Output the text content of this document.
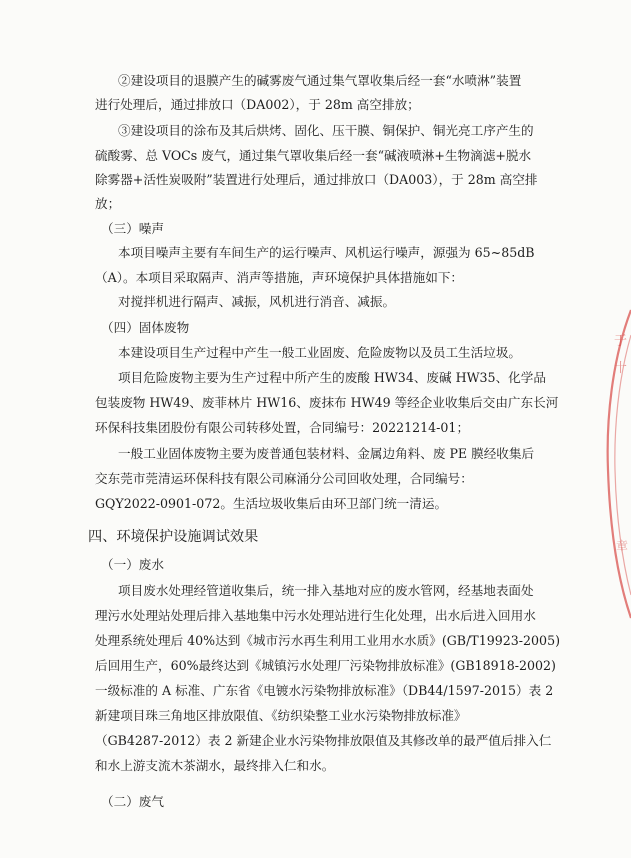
②建设项目的退膜产生的碱雾废气通过集气罩收集后经一套“水喷淋”装置
进行处理后，通过排放口（DA002），于 28m 高空排放；
③建设项目的涂布及其后烘烤、固化、压干膜、铜保护、铜光亮工序产生的
硫酸雾、总 VOCs 废气，通过集气罩收集后经一套“碱液喷淋+生物滴滤+脱水
除雾器+活性炭吸附”装置进行处理后，通过排放口（DA003），于 28m 高空排
放；
（三）噪声
本项目噪声主要有车间生产的运行噪声、风机运行噪声，源强为 65~85dB
（A）。本项目采取隔声、消声等措施，声环境保护具体措施如下：
对搅拌机进行隔声、减振，风机进行消音、减振。
（四）固体废物
本建设项目生产过程中产生一般工业固废、危险废物以及员工生活垃圾。
项目危险废物主要为生产过程中所产生的废酸 HW34、废碱 HW35、化学品
包装废物 HW49、废菲林片 HW16、废抹布 HW49 等经企业收集后交由广东长河
环保科技集团股份有限公司转移处置，合同编号：20221214-01；
一般工业固体废物主要为废普通包装材料、金属边角料、废 PE 膜经收集后
交东莞市莞清运环保科技有限公司麻涌分公司回收处理，合同编号：
GQY2022-0901-072。生活垃圾收集后由环卫部门统一清运。
四、环境保护设施调试效果
（一）废水
项目废水处理经管道收集后，统一排入基地对应的废水管网，经基地表面处
理污水处理站处理后排入基地集中污水处理站进行生化处理，出水后进入回用水
处理系统处理后 40%达到《城市污水再生利用工业用水水质》(GB/T19923-2005)
后回用生产，60%最终达到《城镇污水处理厂污染物排放标准》(GB18918-2002)
一级标准的 A 标准、广东省《电镀水污染物排放标准》（DB44/1597-2015）表 2
新建项目珠三角地区排放限值、《纺织染整工业水污染物排放标准》
（GB4287-2012）表 2 新建企业水污染物排放限值及其修改单的最严值后排入仁
和水上游支流木茶湖水，最终排入仁和水。
（二）废气
于
十
章
